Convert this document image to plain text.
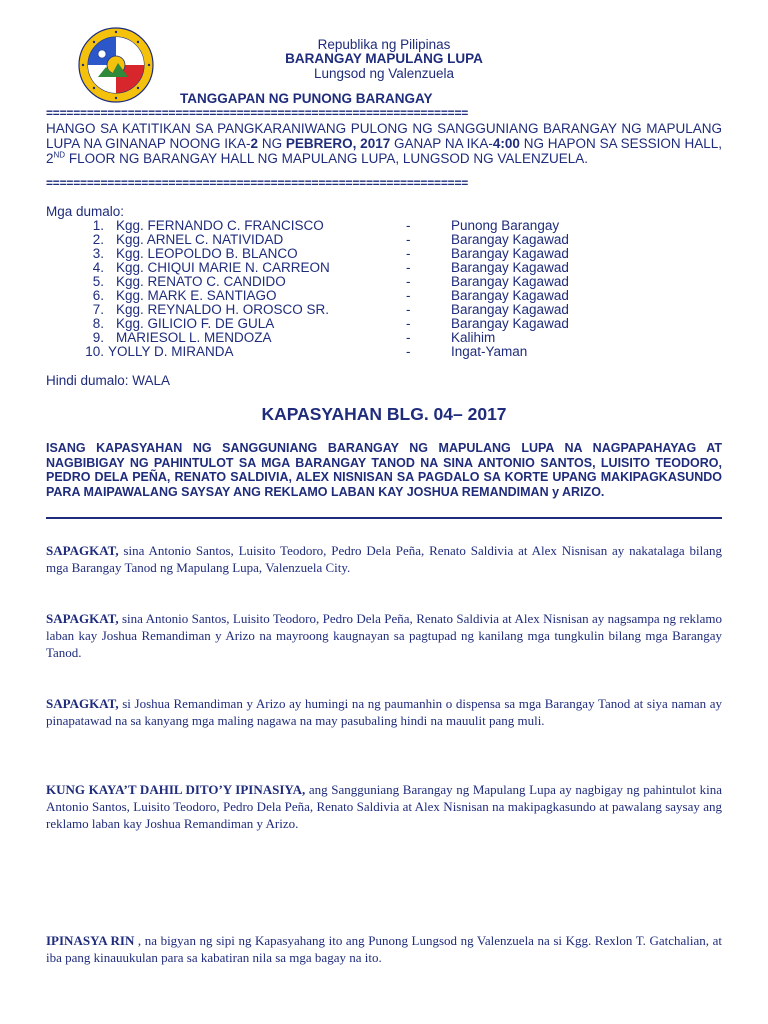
Republika ng Pilipinas
BARANGAY MAPULANG LUPA
Lungsod ng Valenzuela
TANGGAPAN NG PUNONG BARANGAY
==============================================================
HANGO SA KATITIKAN SA PANGKARANIWANG PULONG NG SANGGUNIANG BARANGAY NG MAPULANG LUPA NA GINANAP NOONG IKA-2 NG PEBRERO, 2017 GANAP NA IKA-4:00 NG HAPON SA SESSION HALL, 2ND FLOOR NG BARANGAY HALL NG MAPULANG LUPA, LUNGSOD NG VALENZUELA.
==============================================================
Mga dumalo:
1. Kgg. FERNANDO C. FRANCISCO	-	Punong Barangay
2. Kgg. ARNEL C. NATIVIDAD	-	Barangay Kagawad
3. Kgg. LEOPOLDO B. BLANCO	-	Barangay Kagawad
4. Kgg. CHIQUI MARIE N. CARREON	-	Barangay Kagawad
5. Kgg. RENATO C. CANDIDO	-	Barangay Kagawad
6. Kgg. MARK E. SANTIAGO	-	Barangay Kagawad
7. Kgg. REYNALDO H. OROSCO SR.	-	Barangay Kagawad
8. Kgg. GILICIO F. DE GULA	-	Barangay Kagawad
9. MARIESOL L. MENDOZA	-	Kalihim
10. YOLLY D. MIRANDA	-	Ingat-Yaman
Hindi dumalo: WALA
KAPASYAHAN BLG. 04– 2017
ISANG KAPASYAHAN NG SANGGUNIANG BARANGAY NG MAPULANG LUPA NA NAGPAPAHAYAG AT NAGBIBIGAY NG PAHINTULOT SA MGA BARANGAY TANOD NA SINA ANTONIO SANTOS, LUISITO TEODORO, PEDRO DELA PEÑA, RENATO SALDIVIA, ALEX NISNISAN SA PAGDALO SA KORTE UPANG MAKIPAGKASUNDO PARA MAIPAWALANG SAYSAY ANG REKLAMO LABAN KAY JOSHUA REMANDIMAN y ARIZO.
SAPAGKAT, sina Antonio Santos, Luisito Teodoro, Pedro Dela Peña, Renato Saldivia at Alex Nisnisan ay nakatalaga bilang mga Barangay Tanod ng Mapulang Lupa, Valenzuela City.
SAPAGKAT, sina Antonio Santos, Luisito Teodoro, Pedro Dela Peña, Renato Saldivia at Alex Nisnisan ay nagsampa ng reklamo laban kay Joshua Remandiman y Arizo na mayroong kaugnayan sa pagtupad ng kanilang mga tungkulin bilang mga Barangay Tanod.
SAPAGKAT, si Joshua Remandiman y Arizo ay humingi na ng paumanhin o dispensa sa mga Barangay Tanod at siya naman ay pinapatawad na sa kanyang mga maling nagawa na may pasubaling hindi na mauulit pang muli.
KUNG KAYA’T DAHIL DITO’Y IPINASIYA, ang Sangguniang Barangay ng Mapulang Lupa ay nagbigay ng pahintulot kina Antonio Santos, Luisito Teodoro, Pedro Dela Peña, Renato Saldivia at Alex Nisnisan na makipagkasundo at pawalang saysay ang reklamo laban kay Joshua Remandiman y Arizo.
IPINASYA RIN , na bigyan ng sipi ng Kapasyahang ito ang Punong Lungsod ng Valenzuela na si Kgg. Rexlon T. Gatchalian, at iba pang kinauukulan para sa kabatiran nila sa mga bagay na ito.
